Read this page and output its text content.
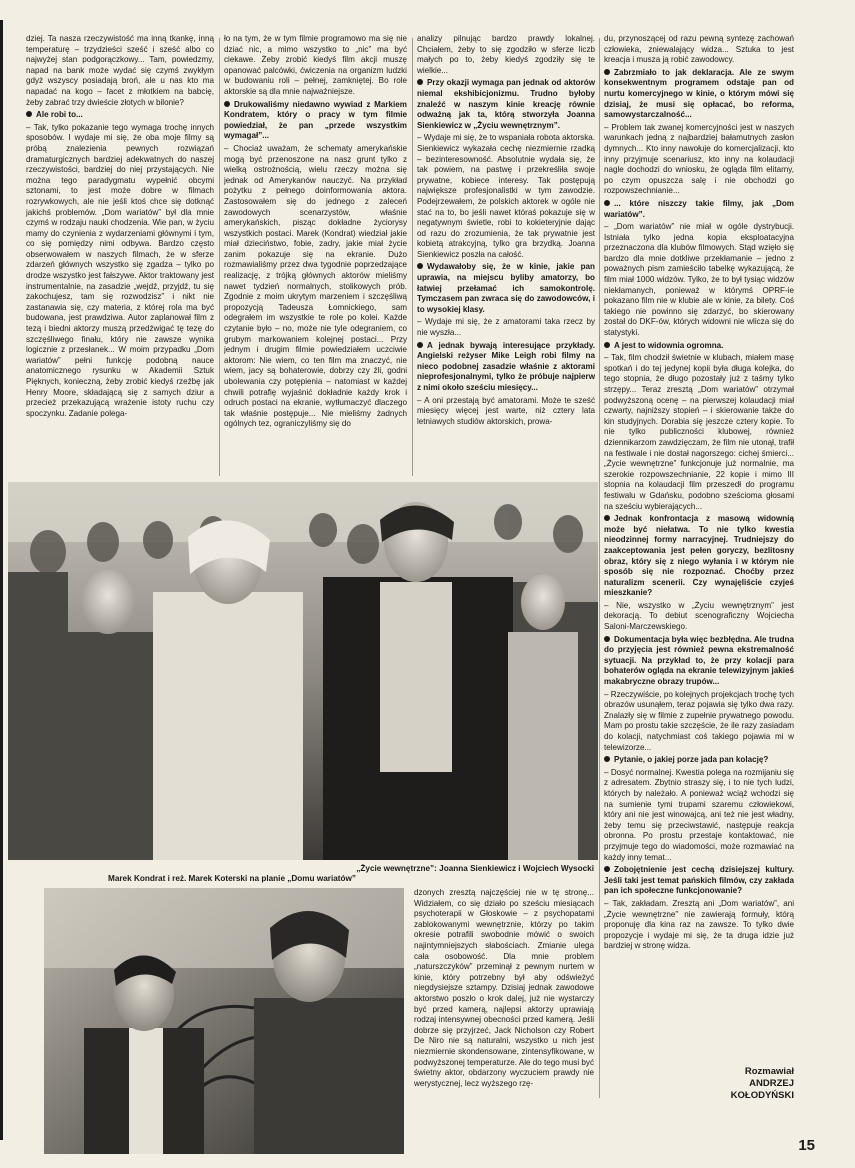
dziej. Ta nasza rzeczywistość ma inną tkankę, inną temperaturę – trzydzieści sześć i sześć albo co najwyżej stan podgorączkowy... Tam, powiedzmy, napad na bank może wydać się czymś zwykłym gdyż wszyscy posiadają broń, ale u nas kto ma napadać na kogo – facet z młotkiem na babcię, żeby zabrać trzy dwieście złotych w bilonie?

Ale robi to...

– Tak, tylko pokazanie tego wymaga trochę innych sposobów. I wydaje mi się, że oba moje filmy są próbą znalezienia pewnych rozwiązań dramaturgicznych bardziej adekwatnych do naszej rzeczywistości, bardziej do niej przystających. Nie można tego paradygmatu wypełnić obcymi sztonami, to jest może dobre w filmach rozrywkowych, ale nie jeśli ktoś chce się dotknąć jakichś problemów. „Dom wariatów” był dla mnie czymś w rodzaju nauki chodzenia. Wie pan, w życiu mamy do czynienia z wydarzeniami głównymi i tym, co się pomiędzy nimi odbywa. Bardzo często obserwowałem w naszych filmach, że w sferze zdarzeń głównych wszystko się zgadza – tylko po drodze wszystko jest fałszywe. Aktor traktowany jest instrumentalnie, na zasadzie „wejdź, przyjdź, tu się zakochujesz, tam się rozwodzisz” i nikt nie zastanawia się, czy materia, z której rola ma być budowana, jest prawdziwa. Autor zaplanował film z tezą i biedni aktorzy muszą przedźwigać tę tezę do szczęśliwego finału, który nie zawsze wynika logicznie z przesłanek... W moim przypadku „Dom wariatów” pełni funkcję podobną nauce anatomicznego rysunku w Akademii Sztuk Pięknych, konieczną, żeby zrobić kiedyś rzeźbę jak Henry Moore, składającą się z samych dziur a przecież przekazującą wrażenie istoty ruchu czy spoczynku. Zadanie polega-

ło na tym, że w tym filmie programowo ma się nie dziać nic, a mimo wszystko to „nic” ma być ciekawe. Żeby zrobić kiedyś film akcji muszę opanować palcówki, ćwiczenia na organizm ludzki w budowaniu roli – pełnej, zamkniętej. Bo role aktorskie są dla mnie najważniejsze.

Drukowaliśmy niedawno wywiad z Markiem Kondratem, który o pracy w tym filmie powiedział, że pan „przede wszystkim wymagał”...

– Chociaż uważam, że schematy amerykańskie mogą być przenoszone na nasz grunt tylko z wielką ostrożnością, wielu rzeczy można się jednak od Amerykanów nauczyć. Na przykład pożytku z pełnego doinformowania aktora. Zastosowałem się do jednego z zaleceń zawodowych scenarzystów, właśnie amerykańskich, pisząc dokładne życiorysy wszystkich postaci. Marek (Kondrat) wiedział jakie miał dzieciństwo, fobie, zadry, jakie miał życie zanim pokazuje się na ekranie. Dużo rozmawialiśmy przez dwa tygodnie poprzedzające realizację, z trójką głównych aktorów mieliśmy nawet tydzień normalnych, stolikowych prób. Zgodnie z moim ukrytym marzeniem i szczęśliwą propozycją Tadeusza Łomnickiego, sam odegrałem im wszystkie te role po kolei. Każde czytanie było – no, może nie tyle odegraniem, co grubym markowaniem kolejnej postaci... Przy jednym i drugim filmie powiedziałem uczciwie aktorom: Nie wiem, co ten film ma znaczyć, nie wiem, jacy są bohaterowie, dobrzy czy źli, godni ubolewania czy potępienia – natomiast w każdej chwili potrafię wyjaśnić dokładnie każdy krok i odruch postaci na ekranie, wytłumaczyć dlaczego tak właśnie postępuje... Nie mieliśmy żadnych ogólnych tez, ograniczyliśmy się do

analizy pilnując bardzo prawdy lokalnej. Chciałem, żeby to się zgodziło w sferze liczb małych po to, żeby kiedyś zgodziły się te wielkie...

Przy okazji wymaga pan jednak od aktorów niemal ekshibicjonizmu. Trudno byłoby znaleźć w naszym kinie kreację równie odważną jak ta, którą stworzyła Joanna Sienkiewicz w „Życiu wewnętrznym”.

– Wydaje mi się, że to wspaniała robota aktorska. Sienkiewicz wykazała cechę niezmiernie rzadką – bezinteresowność. Absolutnie wydała się, że tak powiem, na pastwę i przekreśliła swoje prywatne, kobiece interesy. Tak postępują największe profesjonalistki w tym zawodzie. Podejrzewałem, że polskich aktorek w ogóle nie stać na to, bo jeśli nawet któraś pokazuje się w negatywnym świetle, robi to kokieteryjnie dając od razu do zrozumienia, że tak prywatnie jest kobietą atrakcyjną, tylko gra brzydką. Joanna Sienkiewicz poszła na całość.

Wydawałoby się, że w kinie, jakie pan uprawia, na miejscu byliby amatorzy, bo łatwiej przełamać ich samokontrolę. Tymczasem pan zwraca się do zawodowców, i to wysokiej klasy.

– Wydaje mi się, że z amatorami taka rzecz by nie wyszła...

A jednak bywają interesujące przykłady. Angielski reżyser Mike Leigh robi filmy na nieco podobnej zasadzie właśnie z aktorami nieprofesjonalnymi, tylko że próbuje najpierw z nimi około sześciu miesięcy...

– A oni przestają być amatorami. Może te sześć miesięcy więcej jest warte, niż cztery lata letniawych studiów aktorskich, prowa-

du, przynoszącej od razu pewną syntezę zachowań człowieka, zniewalający widza... Sztuka to jest kreacja i musza ją robić zawodowcy.

Zabrzmiało to jak deklaracja. Ale ze swym konsekwentnym programem odstaje pan od nurtu komercyjnego w kinie, o którym mówi się dzisiaj, że musi się opłacać, bo reforma, samowystarczalność...

– Problem tak zwanej komercyjności jest w naszych warunkach jedną z najbardziej bałamutnych zasłon dymnych... Kto inny nawołuje do komercjalizacji, kto inny przyjmuje scenariusz, kto inny na kolaudacji nagle dochodzi do wniosku, że ogląda film elitarny, po czym opuszcza salę i nie obchodzi go rozpowszechnianie...

... które niszczy takie filmy, jak „Dom wariatów”.

– „Dom wariatów” nie miał w ogóle dystrybucji. Istniała tylko jedna kopia eksploatacyjna przeznaczona dla klubów filmowych. Stąd wzięło się bardzo dla mnie dotkliwe przekłamanie – jedno z poważnych pism zamieściło tabelkę wykazującą, że film miał 1000 widzów. Tylko, że to był tysiąc widzów niekłamanych, ponieważ w którymś OPRF-ie pokazano film nie w klubie ale w kinie, za bilety. Coś takiego nie powinno się zdarzyć, bo skierowany został do DKF-ów, których widowni nie wlicza się do statystyki.

A jest to widownia ogromna.

– Tak, film chodził świetnie w klubach, miałem masę spotkań i do tej jedynej kopii była długa kolejka, do tego stopnia, że długo pozostały już z taśmy tylko strzępy... Teraz zresztą „Dom wariatów” otrzymał podwyższoną ocenę – na pierwszej kolaudacji miał czwarty, najniższy stopień – i skierowanie także do kin studyjnych. Dorabia się jeszcze cztery kopie. To nie tylko publiczności klubowej, również dziennikarzom zawdzięczam, że film nie utonął, trafił na festiwale i nie dostał nagorszego: cichej śmierci... „Życie wewnętrzne” funkcjonuje już normalnie, ma szerokie rozpowszechnianie, 22 kopie i mimo III stopnia na kolaudacji film przeszedł do programu festiwalu w Gdańsku, podobno sześcioma głosami na sześciu wybierających...

Jednak konfrontacja z masową widownią może być niełatwa. To nie tylko kwestia nieodzinnej formy narracyjnej. Trudniejszy do zaakceptowania jest pełen goryczy, bezlitosny obraz, który się z niego wyłania i w którym nie sposób się nie rozpoznać. Choćby przez naturalizm scenerii. Czy wynajęliście czyjeś mieszkanie?

– Nie, wszystko w „Życiu wewnętrznym” jest dekoracją. To debiut scenograficzny Wojciecha Saloni-Marczewskiego.

Dokumentacja była więc bezbłędna. Ale trudna do przyjęcia jest również pewna ekstremalność sytuacji. Na przykład to, że przy kolacji para bohaterów ogląda na ekranie telewizyjnym jakieś makabryczne obrazy trupów...

– Rzeczywiście, po kolejnych projekcjach trochę tych obrazów usunąłem, teraz pojawia się tylko dwa razy. Znalazły się w filmie z zupełnie prywatnego powodu. Mam po prostu takie szczęście, że ile razy zasiadam do kolacji, natychmiast coś takiego pojawia mi w telewizorze...

Pytanie, o jakiej porze jada pan kolację?

– Dosyć normalnej. Kwestia polega na rozmijaniu się z adresatem. Zbytnio straszy się, i to nie tych ludzi, których by należało. A ponieważ wciąż wchodzi się na sumienie tymi trupami szaremu człowiekowi, który ani nie jest winowajcą, ani też nie jest władny, żeby temu się przeciwstawić, następuje reakcja obronna. Po prostu przestaje kontaktować, nie przyjmuje tego do wiadomości, może rozmawiać na każdy inny temat...

Zobojętnienie jest cechą dzisiejszej kultury. Jeśli taki jest temat pańskich filmów, czy zakłada pan ich społeczne funkcjonowanie?

– Tak, zakładam. Zresztą ani „Dom wariatów”, ani „Życie wewnętrzne” nie zawierają formuły, którą proponuję dla kina raz na zawsze. To tylko dwie propozycje i wydaje mi się, że ta druga idzie już bardziej w stronę widza.

„Życie wewnętrzne”: Joanna Sienkiewicz i Wojciech Wysocki
Marek Kondrat i reż. Marek Koterski na planie „Domu wariatów”

dzonych zresztą najczęściej nie w tę stronę... Widziałem, co się działo po sześciu miesiącach psychoterapii w Głoskowie – z psychopatami zablokowanymi wewnętrznie, którzy po takim okresie potrafili swobodnie mówić o swoich najintymniejszych słabościach. Zmianie ulega cała osobowość. Dla mnie problem „naturszczyków” przeminął z pewnym nurtem w kinie, który potrzebny był aby odświeżyć niegdysiejsze sztampy. Dzisiaj jednak zawodowe aktorstwo poszło o krok dalej, już nie wystarczy być przed kamerą, najlepsi aktorzy uprawiają rodzaj intensywnej obecności przed kamerą. Jeśli dobrze się przyjrzeć, Jack Nicholson czy Robert De Niro nie są naturalni, wszystko u nich jest niezmiernie skondensowane, zintensyfikowane, w podwyższonej temperaturze. Ale do tego musi być świetny aktor, obdarzony wyczuciem prawdy nie werystycznej, lecz wyższego rzę-

Rozmawiał
ANDRZEJ
KOŁODYŃSKI
15
